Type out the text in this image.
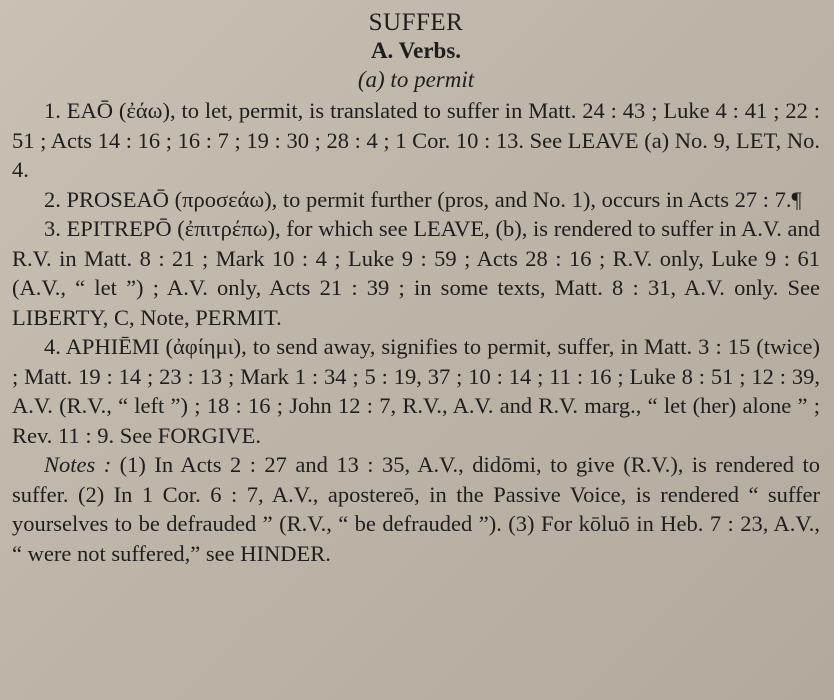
SUFFER
A. Verbs.
(a) to permit

1. EAŌ (ἐάω), to let, permit, is translated to suffer in Matt. 24 : 43 ; Luke 4 : 41 ; 22 : 51 ; Acts 14 : 16 ; 16 : 7 ; 19 : 30 ; 28 : 4 ; 1 Cor. 10 : 13. See LEAVE (a) No. 9, LET, No. 4.

2. PROSEAŌ (προσεάω), to permit further (pros, and No. 1), occurs in Acts 27 : 7.¶

3. EPITREPŌ (ἐπιτρέπω), for which see LEAVE, (b), is rendered to suffer in A.V. and R.V. in Matt. 8 : 21 ; Mark 10 : 4 ; Luke 9 : 59 ; Acts 28 : 16 ; R.V. only, Luke 9 : 61 (A.V., “ let ”) ; A.V. only, Acts 21 : 39 ; in some texts, Matt. 8 : 31, A.V. only. See LIBERTY, C, Note, PERMIT.

4. APHIĒMI (ἀφίημι), to send away, signifies to permit, suffer, in Matt. 3 : 15 (twice) ; Matt. 19 : 14 ; 23 : 13 ; Mark 1 : 34 ; 5 : 19, 37 ; 10 : 14 ; 11 : 16 ; Luke 8 : 51 ; 12 : 39, A.V. (R.V., “ left ”) ; 18 : 16 ; John 12 : 7, R.V., A.V. and R.V. marg., “ let (her) alone ” ; Rev. 11 : 9. See FORGIVE.

Notes : (1) In Acts 2 : 27 and 13 : 35, A.V., didōmi, to give (R.V.), is rendered to suffer. (2) In 1 Cor. 6 : 7, A.V., apostereō, in the Passive Voice, is rendered “ suffer yourselves to be defrauded ” (R.V., “ be defrauded ”). (3) For kōluō in Heb. 7 : 23, A.V., “ were not suffered,” see HINDER.
